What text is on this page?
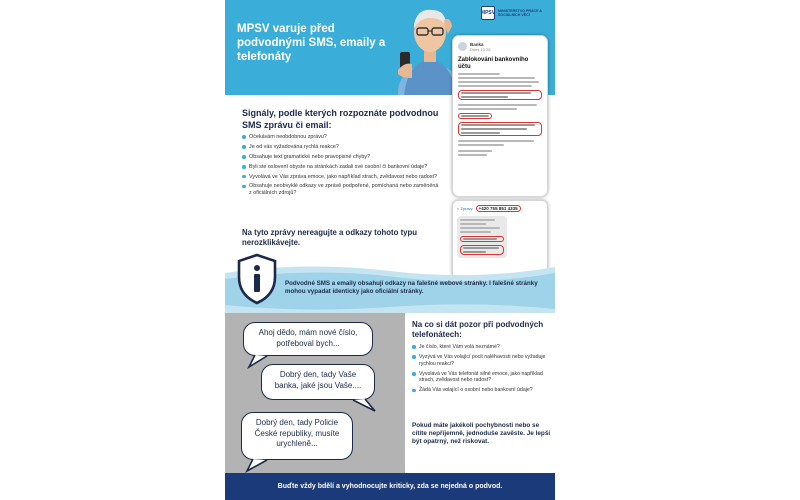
MPSV varuje před podvodnými SMS, emaily a telefonáty
MPSV MINISTERSTVO PRÁCE A SOCIÁLNÍCH VĚCÍ
Banka
Dnes 10:25
Zablokování bankovního účtu
< Zprávy	+420 755 851 4335
Signály, podle kterých rozpoznáte podvodnou SMS zprávu či email:
Očekávám neobdobnou zprávu?
Je od vás vyžadována rychlá reakce?
Obsahuje text gramatické nebo pravopisné chyby?
Byli ste oslovení obyste na stránkách zadali své osobní či bankovní údaje?
Vyvolává ve Vás zpráva emoce, jako například strach, zvědavost nebo radost?
Obsahuje neobvyklé odkazy ve zprávě podpořené, pomíchaná nebo zaměněná z oficiálních zdrojů?
Na tyto zprávy nereagujte a odkazy tohoto typu nerozklikávejte.
Podvodné SMS a emaily obsahují odkazy na falešné webové stránky. I falešné stránky mohou vypadat identicky jako oficiální stránky.
Ahoj dědo, mám nové číslo, potřeboval bych...
Dobrý den, tady Vaše banka, jaké jsou Vaše....
Dobrý den, tady Policie České republiky, musíte urychleně...
Na co si dát pozor při podvodných telefonátech:
Je číslo, které Vám volá neznámé?
Vyzývá ve Vás volající pocit naléhavosti nebo vyžaduje rychlou reakci?
Vyvolává ve Vás telefonát silné emoce, jako například strach, zvědavost nebo radost?
Žádá Vás volající o osobní nebo bankovní údaje?
Pokud máte jakékoli pochybnosti nebo se cítíte nepříjemně, jednoduše zavěste. Je lepší být opatrný, než riskovat.
Buďte vždy bdělí a vyhodnocujte kriticky, zda se nejedná o podvod.
